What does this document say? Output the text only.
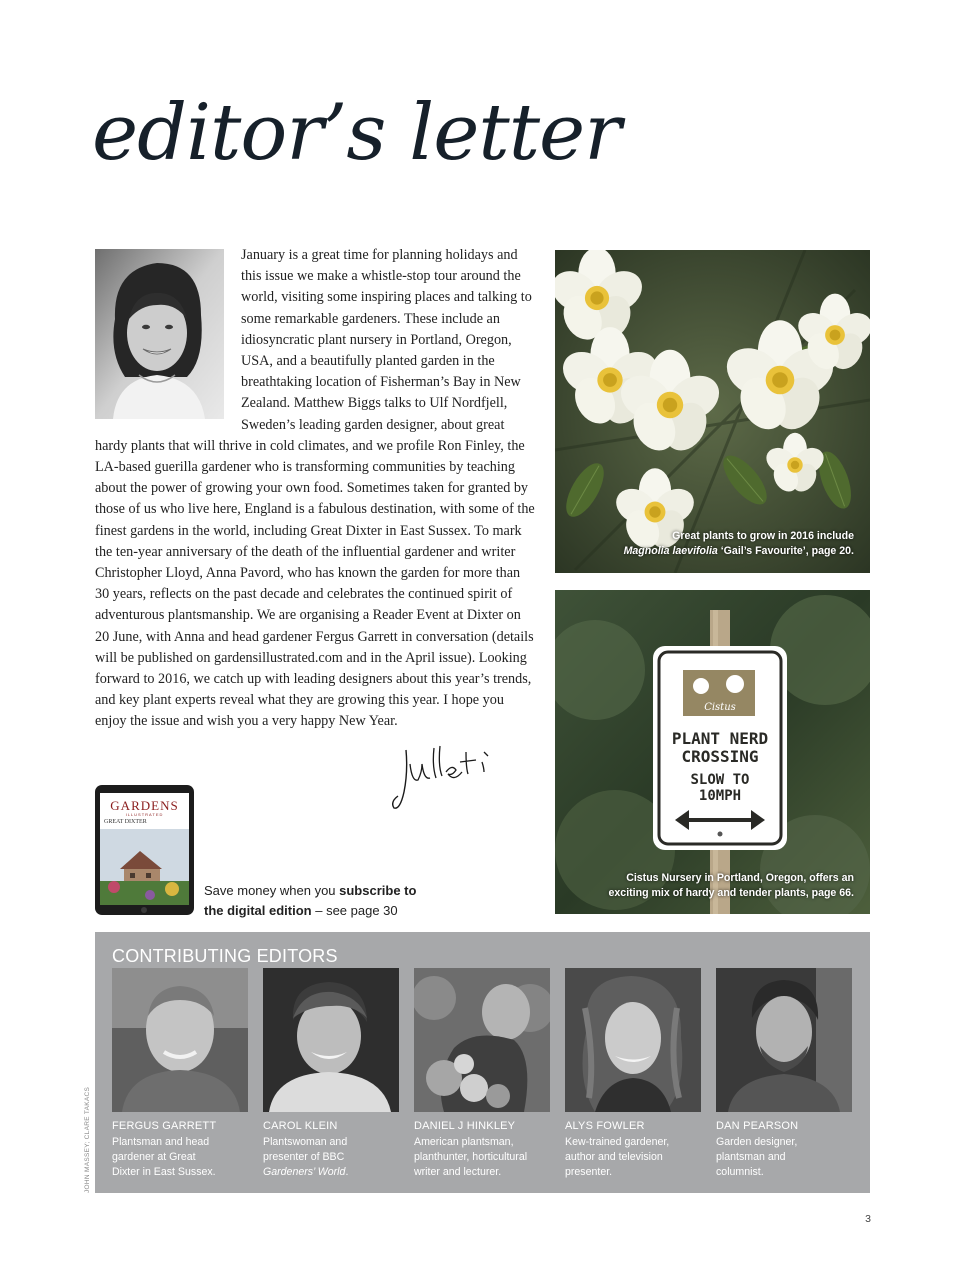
editor’s letter

January is a great time for planning holidays and this issue we make a whistle-stop tour around the world, visiting some inspiring places and talking to some remarkable gardeners. These include an idiosyncratic plant nursery in Portland, Oregon, USA, and a beautifully planted garden in the breathtaking location of Fisherman’s Bay in New Zealand. Matthew Biggs talks to Ulf Nordfjell, Sweden’s leading garden designer, about great hardy plants that will thrive in cold climates, and we profile Ron Finley, the LA-based guerilla gardener who is transforming communities by teaching about the power of growing your own food. Sometimes taken for granted by those of us who live here, England is a fabulous destination, with some of the finest gardens in the world, including Great Dixter in East Sussex. To mark the ten-year anniversary of the death of the influential gardener and writer Christopher Lloyd, Anna Pavord, who has known the garden for more than 30 years, reflects on the past decade and celebrates the continued spirit of adventurous plantsmanship. We are organising a Reader Event at Dixter on 20 June, with Anna and head gardener Fergus Garrett in conversation (details will be published on gardensillustrated.com and in the April issue). Looking forward to 2016, we catch up with leading designers about this year’s trends, and key plant experts reveal what they are growing this year. I hope you enjoy the issue and wish you a very happy New Year.

GARDENS
ILLUSTRATED
GREAT DIXTER
Save money when you subscribe to
the digital edition – see page 30
Great plants to grow in 2016 include
Magnolia laevifolia ‘Gail’s Favourite’, page 20.
Cistus
PLANT NERD
CROSSING
SLOW TO
10MPH
Cistus Nursery in Portland, Oregon, offers an
exciting mix of hardy and tender plants, page 66.
CONTRIBUTING EDITORS
FERGUS GARRETT
Plantsman and head
gardener at Great
Dixter in East Sussex.
CAROL KLEIN
Plantswoman and
presenter of BBC
Gardeners’ World.
DANIEL J HINKLEY
American plantsman,
planthunter, horticultural
writer and lecturer.
ALYS FOWLER
Kew-trained gardener,
author and television
presenter.
DAN PEARSON
Garden designer,
plantsman and
columnist.
JOHN MASSEY; CLARE TAKACS
3
